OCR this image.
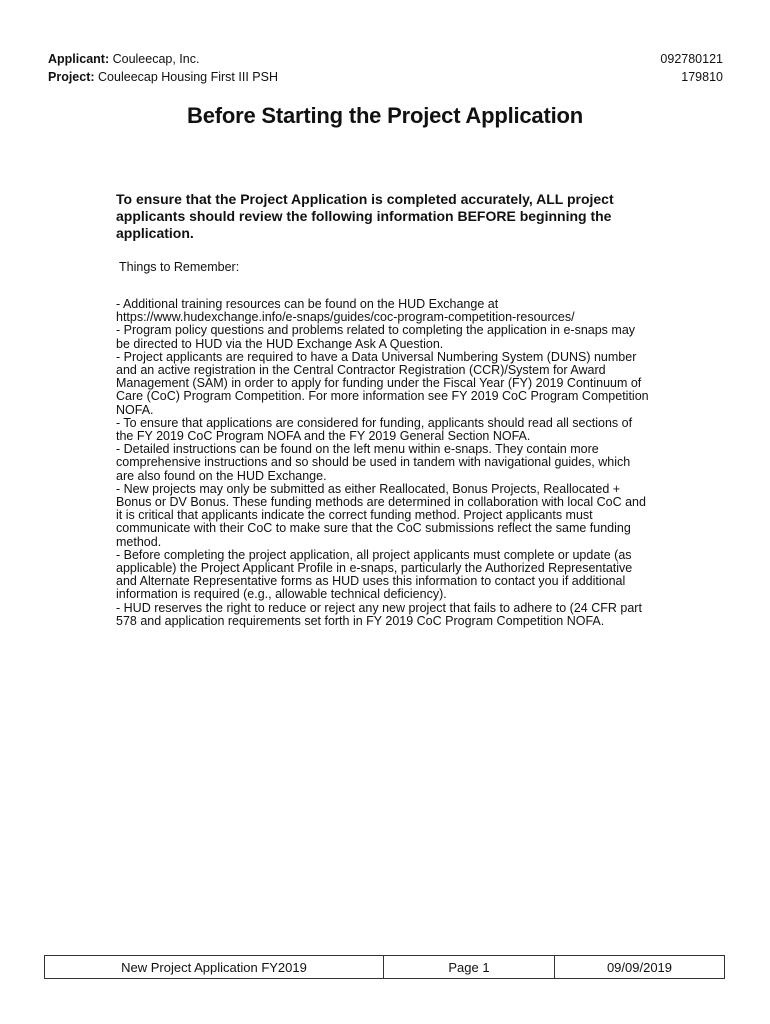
Applicant: Couleecap, Inc.	092780121
Project: Couleecap Housing First III PSH	179810
Before Starting the Project Application
To ensure that the Project Application is completed accurately, ALL project applicants should review the following information BEFORE beginning the application.
Things to Remember:
- Additional training resources can be found on the HUD Exchange at
https://www.hudexchange.info/e-snaps/guides/coc-program-competition-resources/
- Program policy questions and problems related to completing the application in e-snaps may
be directed to HUD via the HUD Exchange Ask A Question.
- Project applicants are required to have a Data Universal Numbering System (DUNS) number
and an active registration in the Central Contractor Registration (CCR)/System for Award
Management (SAM) in order to apply for funding under the Fiscal Year (FY) 2019 Continuum of
Care (CoC) Program Competition. For more information see FY 2019 CoC Program Competition
NOFA.
- To ensure that applications are considered for funding, applicants should read all sections of
the FY 2019 CoC Program NOFA and the FY 2019 General Section NOFA.
- Detailed instructions can be found on the left menu within e-snaps. They contain more
comprehensive instructions and so should be used in tandem with navigational guides, which
are also found on the HUD Exchange.
- New projects may only be submitted as either Reallocated, Bonus Projects, Reallocated +
Bonus or DV Bonus. These funding methods are determined in collaboration with local CoC and
it is critical that applicants indicate the correct funding method. Project applicants must
communicate with their CoC to make sure that the CoC submissions reflect the same funding
method.
- Before completing the project application, all project applicants must complete or update (as
applicable) the Project Applicant Profile in e-snaps, particularly the Authorized Representative
and Alternate Representative forms as HUD uses this information to contact you if additional
information is required (e.g., allowable technical deficiency).
- HUD reserves the right to reduce or reject any new project that fails to adhere to (24 CFR part
578 and application requirements set forth in FY 2019 CoC Program Competition NOFA.
New Project Application FY2019	Page 1	09/09/2019
